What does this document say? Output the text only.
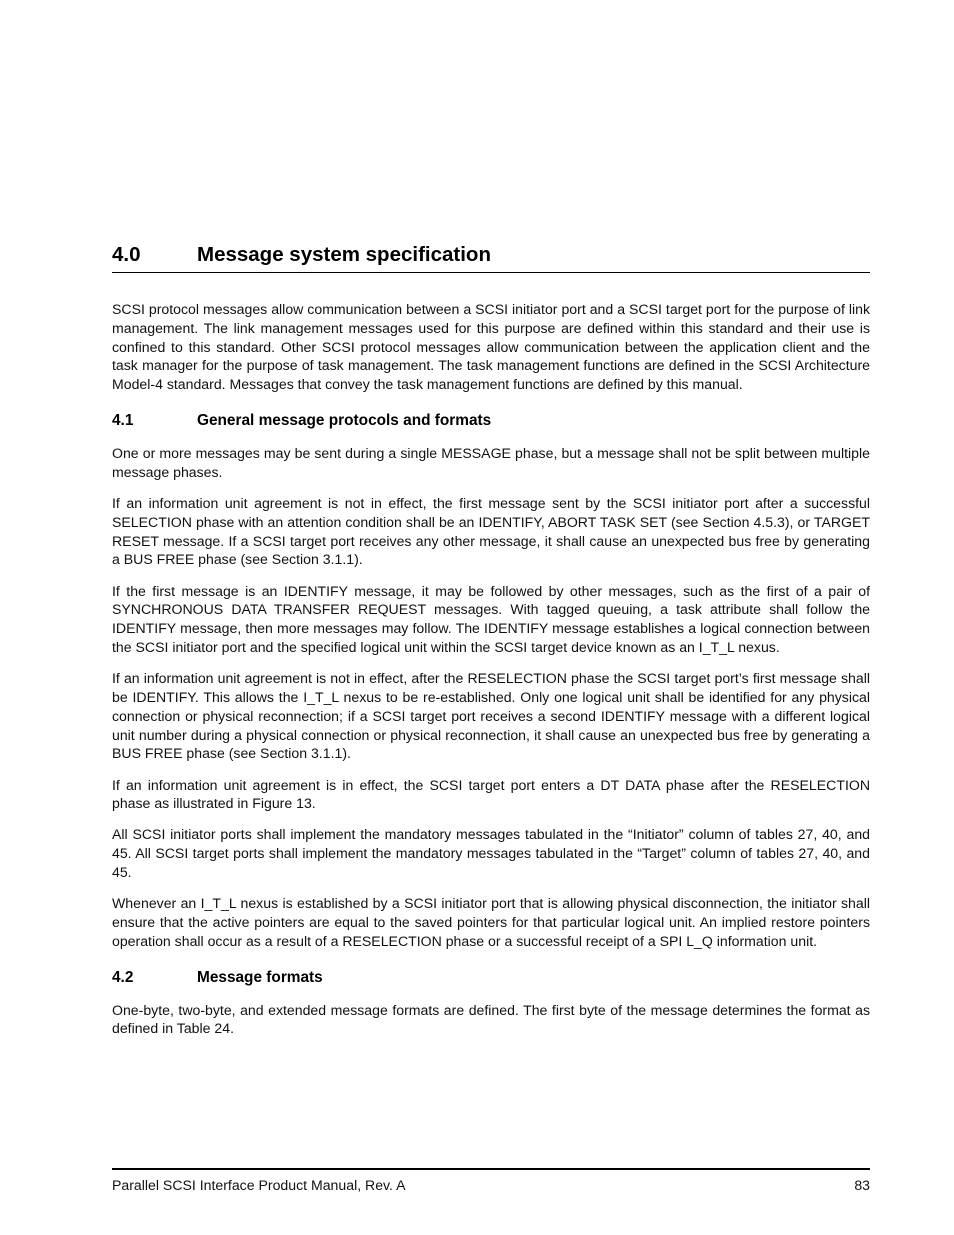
4.0	Message system specification

SCSI protocol messages allow communication between a SCSI initiator port and a SCSI target port for the purpose of link management. The link management messages used for this purpose are defined within this standard and their use is confined to this standard. Other SCSI protocol messages allow communication between the application client and the task manager for the purpose of task management. The task management functions are defined in the SCSI Architecture Model-4 standard. Messages that convey the task management functions are defined by this manual.

4.1	General message protocols and formats

One or more messages may be sent during a single MESSAGE phase, but a message shall not be split between multiple message phases.

If an information unit agreement is not in effect, the first message sent by the SCSI initiator port after a successful SELECTION phase with an attention condition shall be an IDENTIFY, ABORT TASK SET (see Section 4.5.3), or TARGET RESET message. If a SCSI target port receives any other message, it shall cause an unexpected bus free by generating a BUS FREE phase (see Section 3.1.1).

If the first message is an IDENTIFY message, it may be followed by other messages, such as the first of a pair of SYNCHRONOUS DATA TRANSFER REQUEST messages. With tagged queuing, a task attribute shall follow the IDENTIFY message, then more messages may follow. The IDENTIFY message establishes a logical connection between the SCSI initiator port and the specified logical unit within the SCSI target device known as an I_T_L nexus.

If an information unit agreement is not in effect, after the RESELECTION phase the SCSI target port’s first message shall be IDENTIFY. This allows the I_T_L nexus to be re-established. Only one logical unit shall be identified for any physical connection or physical reconnection; if a SCSI target port receives a second IDENTIFY message with a different logical unit number during a physical connection or physical reconnection, it shall cause an unexpected bus free by generating a BUS FREE phase (see Section 3.1.1).

If an information unit agreement is in effect, the SCSI target port enters a DT DATA phase after the RESELECTION phase as illustrated in Figure 13.

All SCSI initiator ports shall implement the mandatory messages tabulated in the “Initiator” column of tables 27, 40, and 45. All SCSI target ports shall implement the mandatory messages tabulated in the “Target” column of tables 27, 40, and 45.

Whenever an I_T_L nexus is established by a SCSI initiator port that is allowing physical disconnection, the initiator shall ensure that the active pointers are equal to the saved pointers for that particular logical unit. An implied restore pointers operation shall occur as a result of a RESELECTION phase or a successful receipt of a SPI L_Q information unit.

4.2	Message formats

One-byte, two-byte, and extended message formats are defined. The first byte of the message determines the format as defined in Table 24.

Parallel SCSI Interface Product Manual, Rev. A	83
